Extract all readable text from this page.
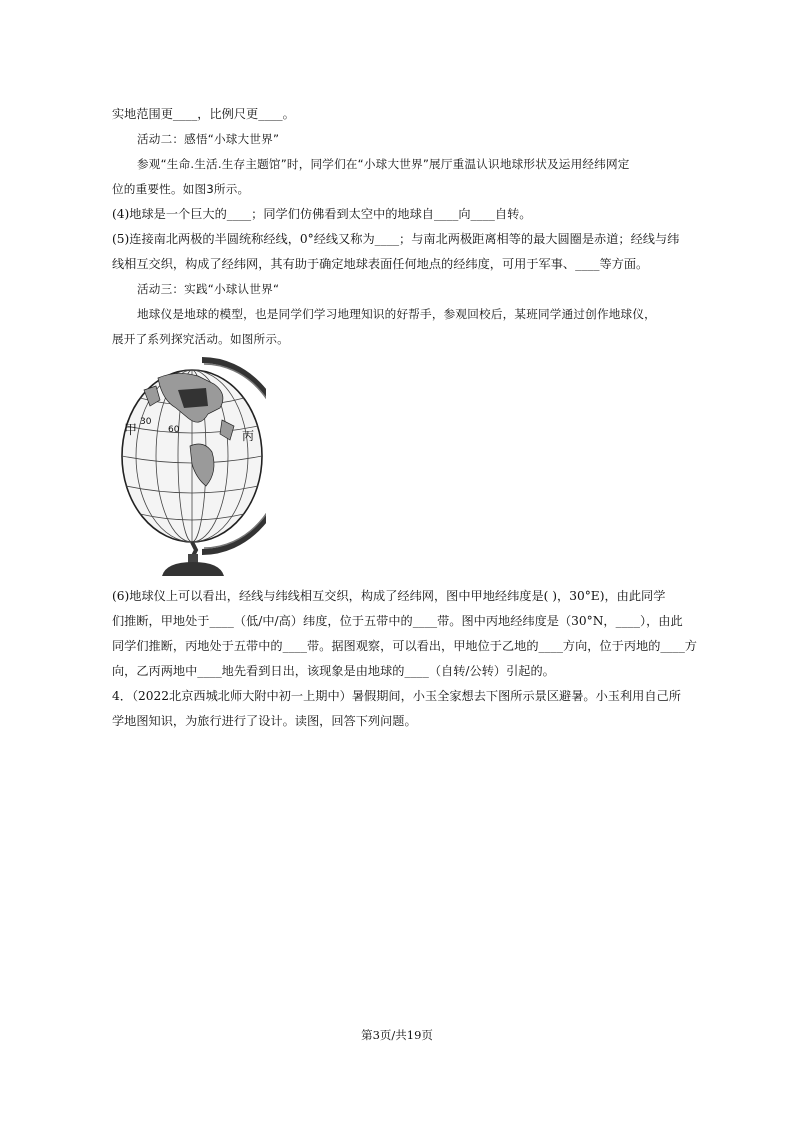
实地范围更____，比例尺更____。
活动二：感悟“小球大世界”
参观“生命.生活.生存主题馆”时，同学们在“小球大世界”展厅重温认识地球形状及运用经纬网定
位的重要性。如图3所示。
(4)地球是一个巨大的____；同学们仿佛看到太空中的地球自____向____自转。
(5)连接南北两极的半圆统称经线，0°经线又称为____；与南北两极距离相等的最大圆圈是赤道；经线与纬
线相互交织，构成了经纬网，其有助于确定地球表面任何地点的经纬度，可用于军事、____等方面。
活动三：实践“小球认世界“
地球仪是地球的模型，也是同学们学习地理知识的好帮手，参观回校后，某班同学通过创作地球仪，
展开了系列探究活动。如图所示。
甲	丙
30
60
(6)地球仪上可以看出，经线与纬线相互交织，构成了经纬网，图中甲地经纬度是( )，30°E)，由此同学
们推断，甲地处于____（低/中/高）纬度，位于五带中的____带。图中丙地经纬度是（30°N，____），由此
同学们推断，丙地处于五带中的____带。据图观察，可以看出，甲地位于乙地的____方向，位于丙地的____方
向，乙丙两地中____地先看到日出，该现象是由地球的____（自转/公转）引起的。
4．（2022北京西城北师大附中初一上期中）暑假期间，小玉全家想去下图所示景区避暑。小玉利用自己所
学地图知识，为旅行进行了设计。读图，回答下列问题。
第3页/共19页
